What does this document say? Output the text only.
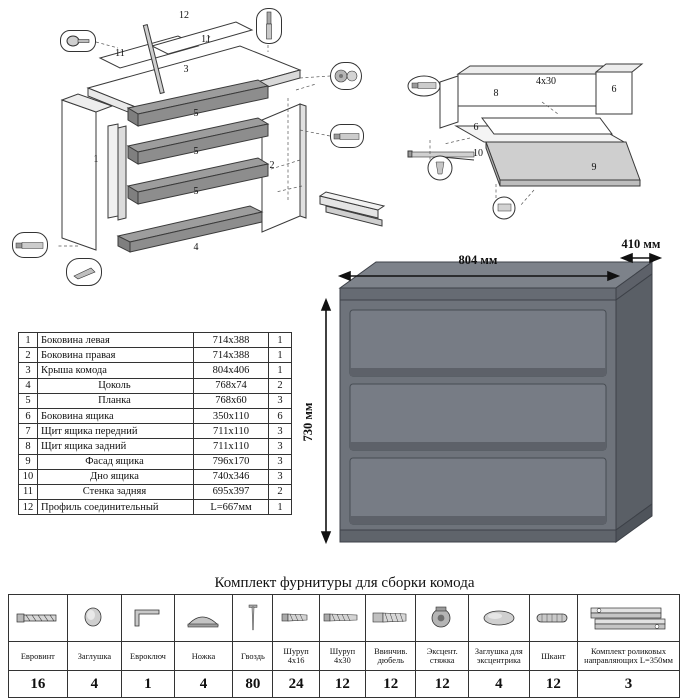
3
1
2
4
5
5
5
11
11
12
8
6
6
9
10
4х30
1	Боковина левая	714х388	1
2	Боковина правая	714х388	1
3	Крыша комода	804х406	1
4	Цоколь	768х74	2
5	Планка	768х60	3
6	Боковина ящика	350х110	6
7	Щит ящика передний	711х110	3
8	Щит ящика задний	711х110	3
9	Фасад ящика	796х170	3
10	Дно ящика	740х346	3
11	Стенка задняя	695х397	2
12	Профиль соединительный	L=667мм	1
804 мм
410 мм
730 мм
Комплект фурнитуры для сборки комода

Евровинт	Заглушка	Евроключ	Ножка	Гвоздь	Шуруп 4х16	Шуруп 4х30	Ввинчив. дюбель	Эксцент. стяжка	Заглушка для эксцентрика	Шкант	Комплект роликовых направляющих L=350мм
16	4	1	4	80	24	12	12	12	4	12	3
